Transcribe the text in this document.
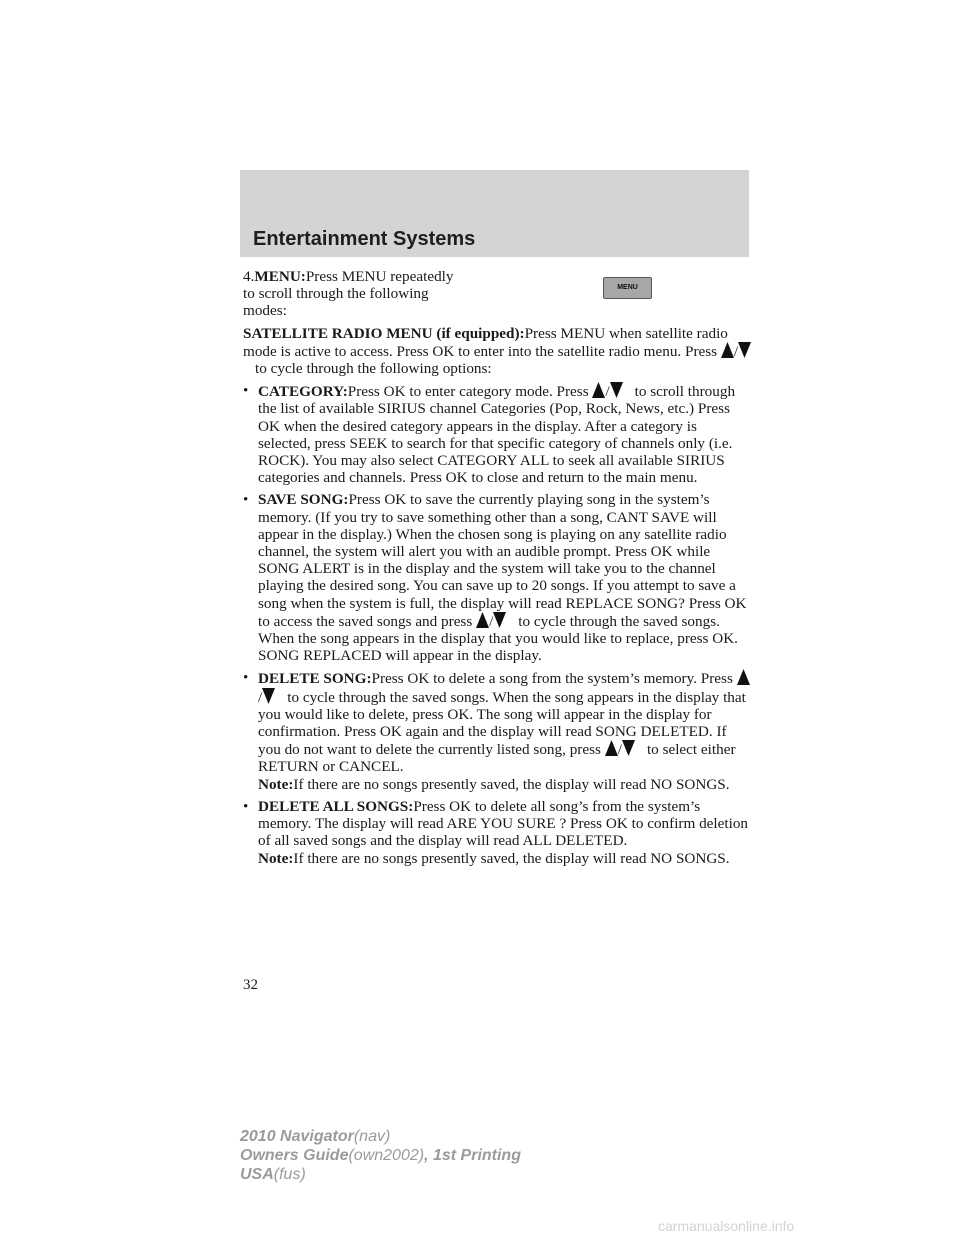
Entertainment Systems
MENU

4.MENU:Press MENU repeatedly to scroll through the following modes:

SATELLITE RADIO MENU (if equipped):Press MENU when satellite radio mode is active to access. Press OK to enter into the satellite radio menu. Press /
to cycle through the following options:

• CATEGORY:Press OK to enter category mode. Press / to scroll through the list of available SIRIUS channel Categories (Pop, Rock, News, etc.) Press OK when the desired category appears in the display. After a category is selected, press SEEK to search for that specific category of channels only (i.e. ROCK). You may also select CATEGORY ALL to seek all available SIRIUS categories and channels. Press OK to close and return to the main menu.
• SAVE SONG:Press OK to save the currently playing song in the system’s memory. (If you try to save something other than a song, CANT SAVE will appear in the display.) When the chosen song is playing on any satellite radio channel, the system will alert you with an audible prompt. Press OK while SONG ALERT is in the display and the system will take you to the channel playing the desired song. You can save up to 20 songs. If you attempt to save a song when the system is full, the display will read REPLACE SONG? Press OK to access the saved songs and press / to cycle through the saved songs. When the song appears in the display that you would like to replace, press OK. SONG REPLACED will appear in the display.
• DELETE SONG:Press OK to delete a song from the system’s memory. Press
/ to cycle through the saved songs. When the song appears in the display that you would like to delete, press OK. The song will appear in the display for confirmation. Press OK again and the display will read SONG DELETED. If you do not want to delete the currently listed song, press / to select either RETURN or CANCEL.
Note:If there are no songs presently saved, the display will read NO SONGS.
• DELETE ALL SONGS:Press OK to delete all song’s from the system’s memory. The display will read ARE YOU SURE ? Press OK to confirm deletion of all saved songs and the display will read ALL DELETED.
Note:If there are no songs presently saved, the display will read NO SONGS.
32
2010 Navigator(nav)
Owners Guide(own2002), 1st Printing
USA(fus)
carmanualsonline.info
